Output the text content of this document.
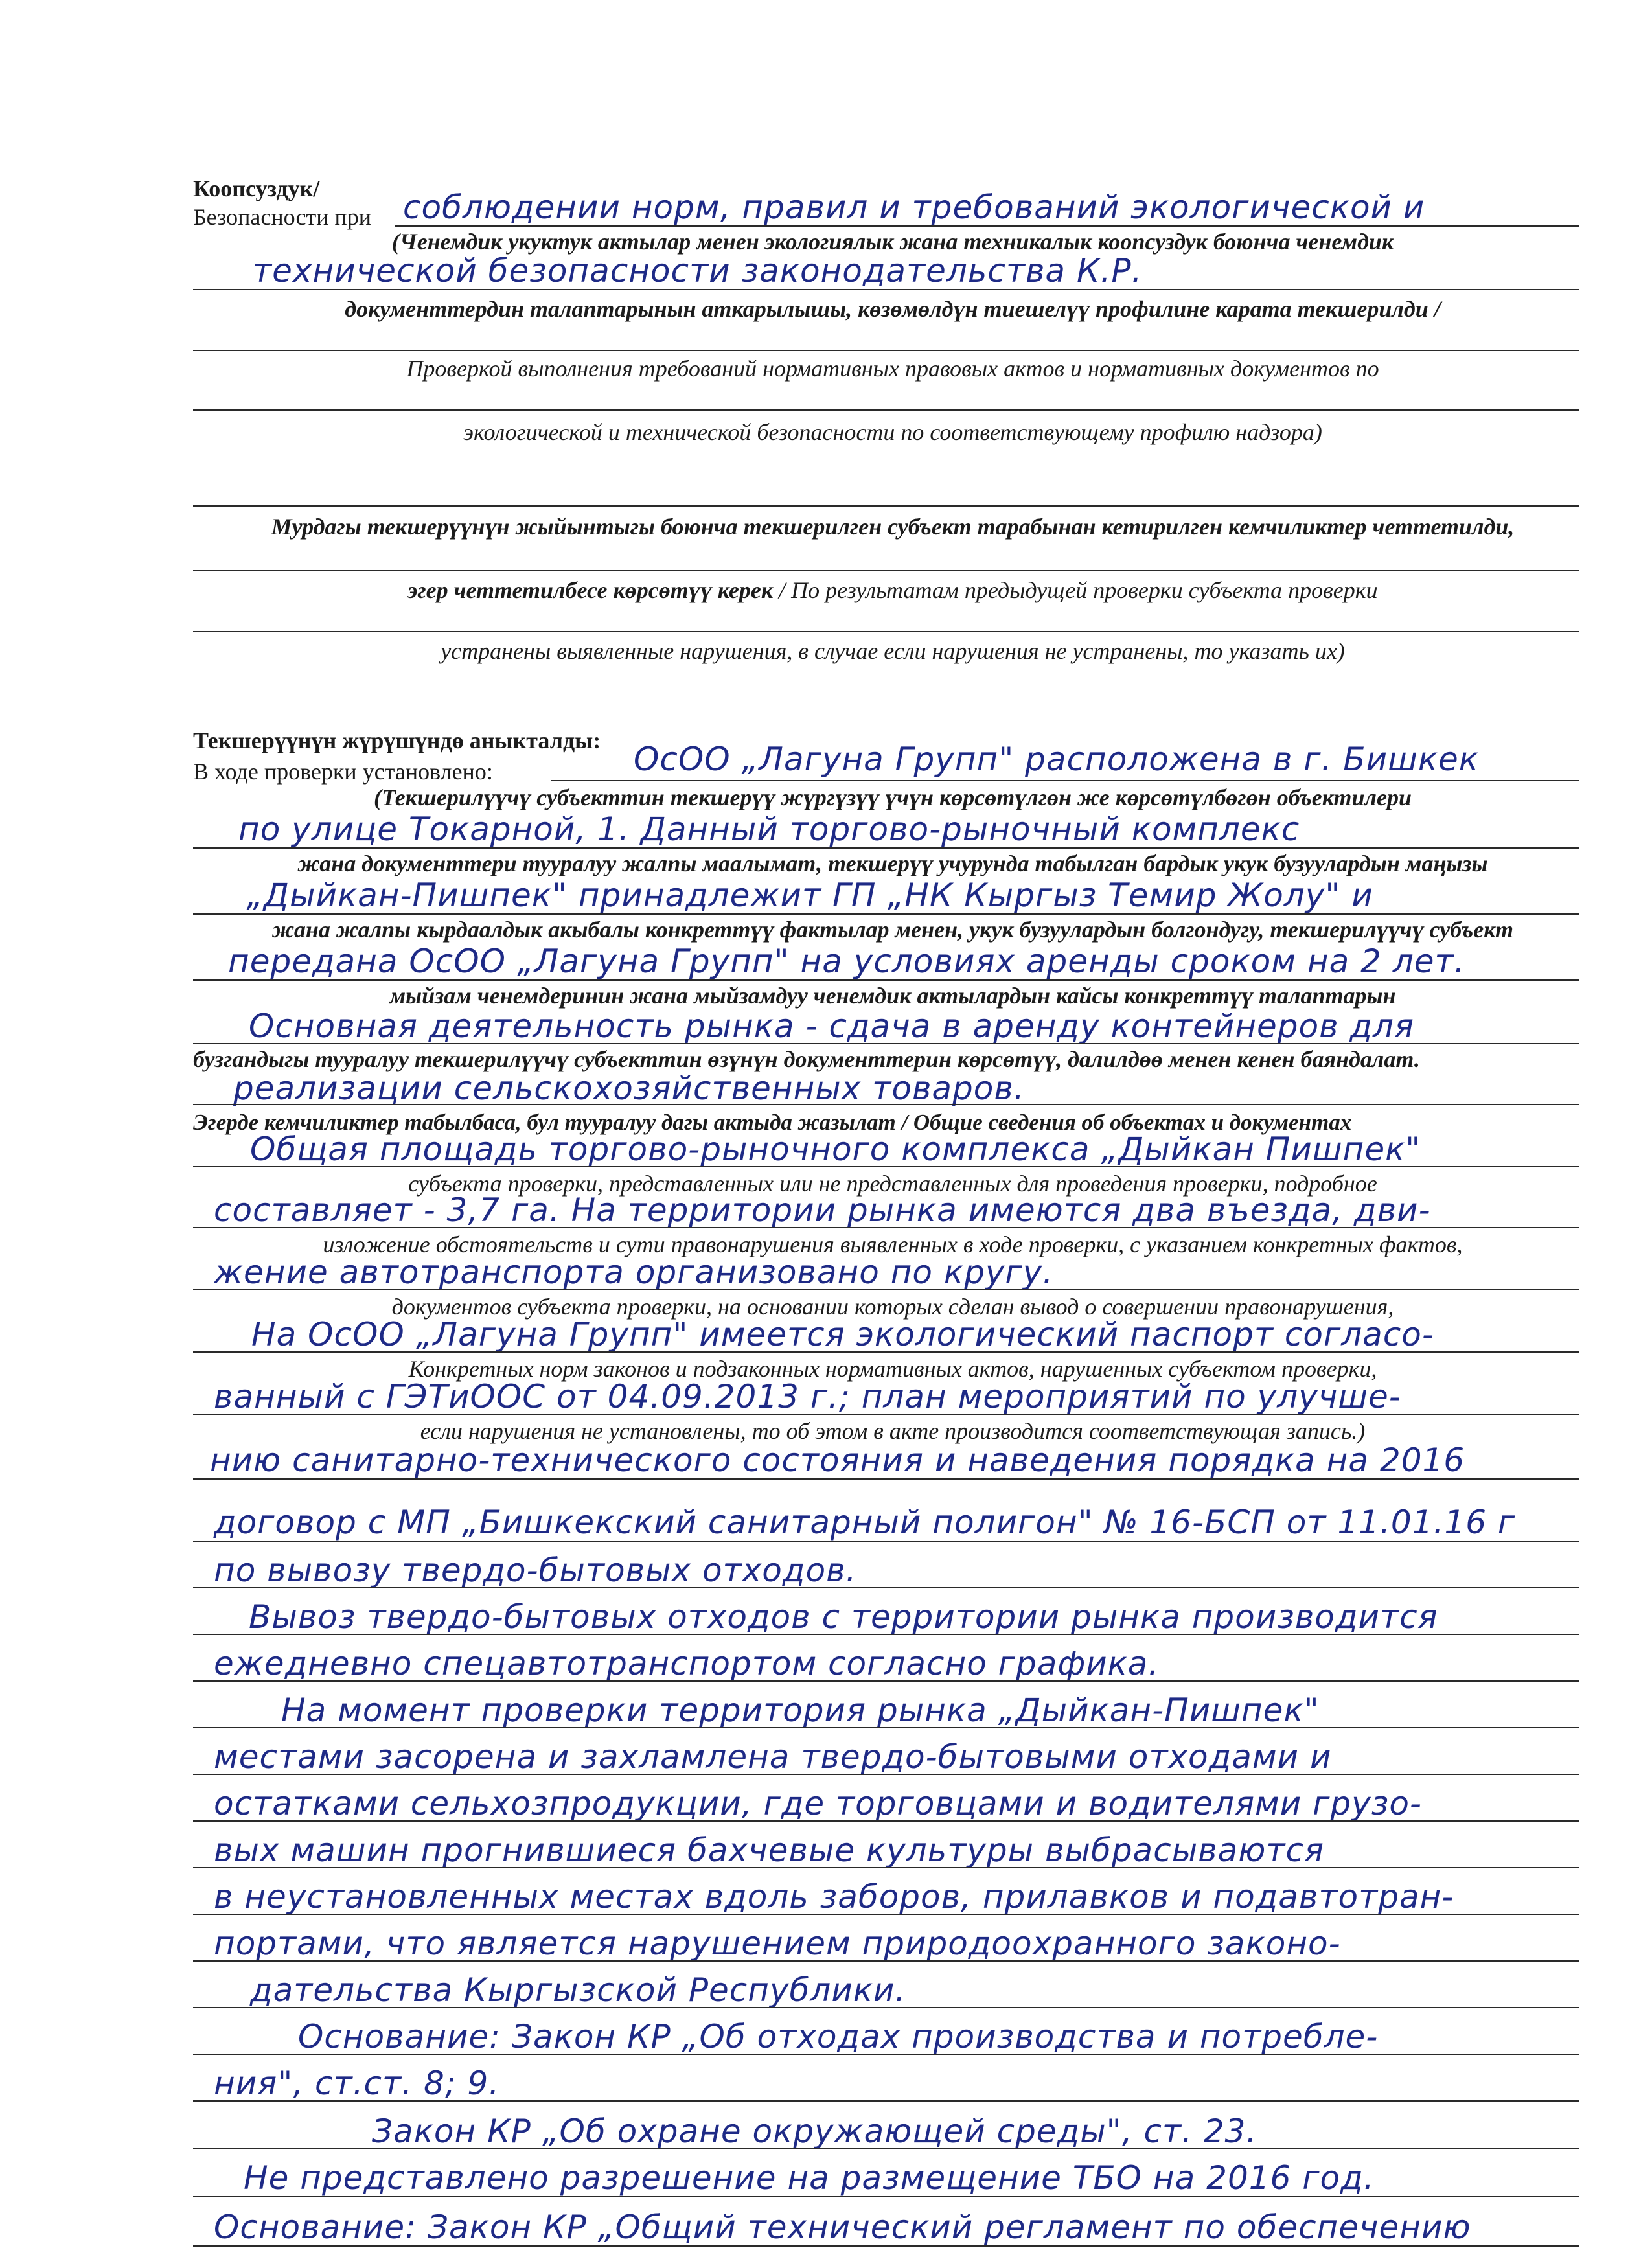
Коопсуздук/
Безопасности при соблюдении норм, правил и требований экологической и
(Ченемдик укуктук актылар менен экологиялык жана техникалык коопсуздук боюнча ченемдик
технической безопасности законодательства К.Р.
документтердин талаптарынын аткарылышы, көзөмөлдүн тиешелүү профилине карата текшерилди /
Проверкой выполнения требований нормативных правовых актов и нормативных документов по
экологической и технической безопасности по соответствующему профилю надзора)
Мурдагы текшерүүнүн жыйынтыгы боюнча текшерилген субъект тарабынан кетирилген кемчиликтер четтетилди,
эгер четтетилбесе көрсөтүү керек / По результатам предыдущей проверки субъекта проверки
устранены выявленные нарушения, в случае если нарушения не устранены, то указать их)
Текшерүүнүн жүрүшүндө аныкталды:
В ходе проверки установлено:	ОсОО „Лагуна Групп" расположена в г. Бишкек
(Текшерилүүчү субъекттин текшерүү жүргүзүү үчүн көрсөтүлгөн же көрсөтүлбөгөн объектилери
по улице Токарной, 1. Данный торгово-рыночный комплекс
жана документтери тууралуу жалпы маалымат, текшерүү учурунда табылган бардык укук бузуулардын маңызы
„Дыйкан-Пишпек" принадлежит ГП „НК Кыргыз Темир Жолу" и
жана жалпы кырдаалдык акыбалы конкреттүү фактылар менен, укук бузуулардын болгондугу, текшерилүүчү субъект
передана ОсОО „Лагуна Групп" на условиях аренды сроком на 2 лет.
мыйзам ченемдеринин жана мыйзамдуу ченемдик актылардын кайсы конкреттүү талаптарын
Основная деятельность рынка - сдача в аренду контейнеров для
бузгандыгы тууралуу текшерилүүчү субъекттин өзүнүн документтерин көрсөтүү, далилдөө менен кенен баяндалат.
реализации сельскохозяйственных товаров.
Эгерде кемчиликтер табылбаса, бул тууралуу дагы актыда жазылат / Общие сведения об объектах и документах
Общая площадь торгово-рыночного комплекса „Дыйкан Пишпек"
субъекта проверки, представленных или не представленных для проведения проверки, подробное
составляет - 3,7 га. На территории рынка имеются два въезда, дви-
изложение обстоятельств и сути правонарушения выявленных в ходе проверки, с указанием конкретных фактов,
жение автотранспорта организовано по кругу.
документов субъекта проверки, на основании которых сделан вывод о совершении правонарушения,
На ОсОО „Лагуна Групп" имеется экологический паспорт согласо-
Конкретных норм законов и подзаконных нормативных актов, нарушенных субъектом проверки,
ванный с ГЭТиООС от 04.09.2013 г.; план мероприятий по улучше-
если нарушения не установлены, то об этом в акте производится соответствующая запись.)
нию санитарно-технического состояния и наведения порядка на 2016
договор с МП „Бишкекский санитарный полигон" № 16-БСП от 11.01.16 г
по вывозу твердо-бытовых отходов.
Вывоз твердо-бытовых отходов с территории рынка производится
ежедневно спецавтотранспортом согласно графика.
На момент проверки территория рынка „Дыйкан-Пишпек"
местами засорена и захламлена твердо-бытовыми отходами и
остатками сельхозпродукции, где торговцами и водителями грузо-
вых машин прогнившиеся бахчевые культуры выбрасываются
в неустановленных местах вдоль заборов, прилавков и подавтотран-
портами, что является нарушением природоохранного законо-
дательства Кыргызской Республики.
Основание: Закон КР „Об отходах производства и потребле-
ния", ст.ст. 8; 9.
Закон КР „Об охране окружающей среды", ст. 23.
Не представлено разрешение на размещение ТБО на 2016 год.
Основание: Закон КР „Общий технический регламент по обеспечению
